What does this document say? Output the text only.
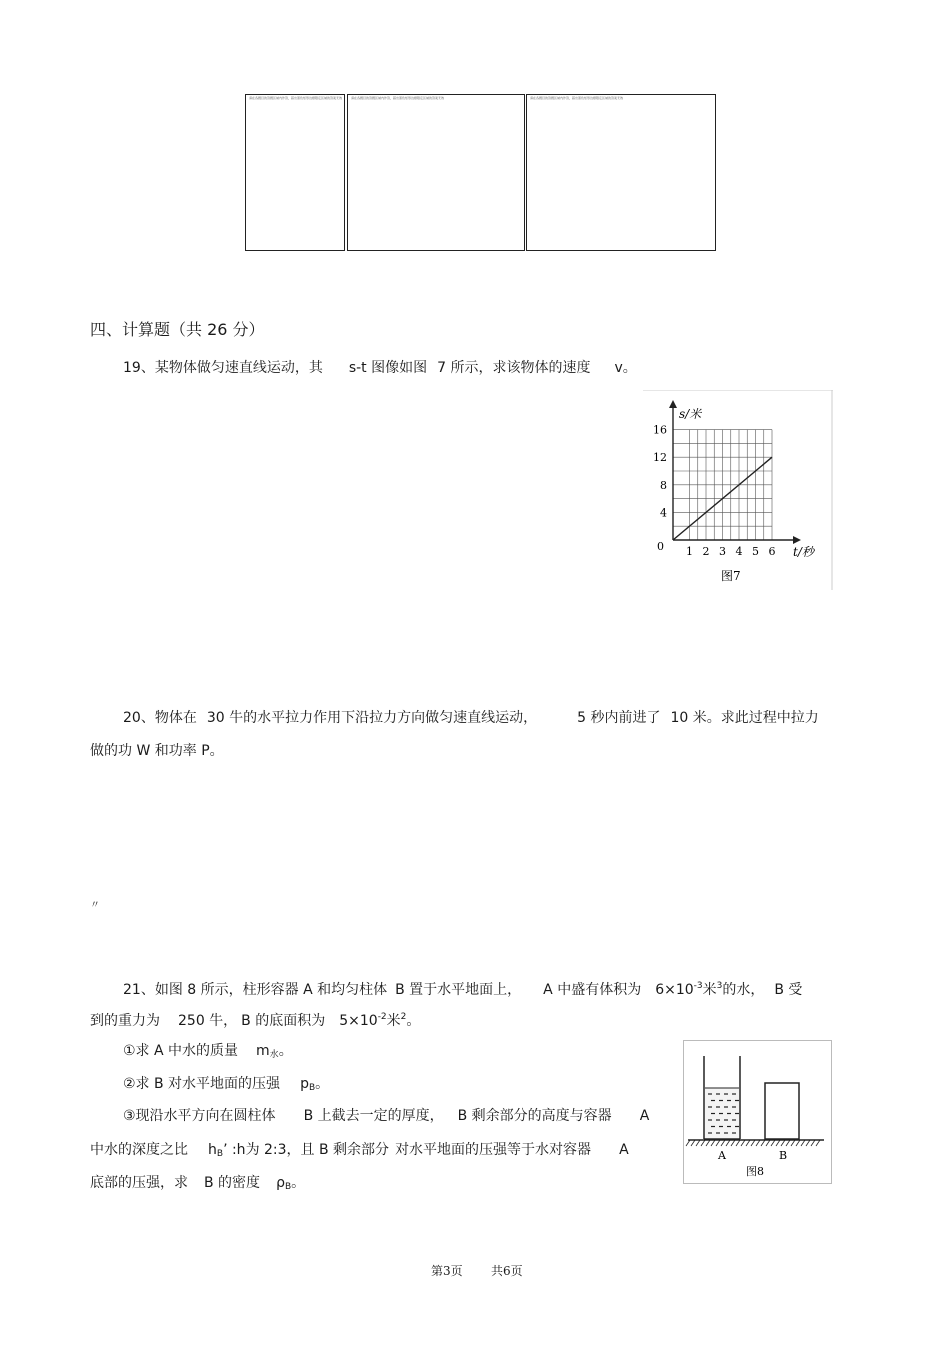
请在各题目的答题区域内作答，超出黑色矩形边框限定区域的答案无效	请在各题目的答题区域内作答，超出黑色矩形边框限定区域的答案无效	请在各题目的答题区域内作答，超出黑色矩形边框限定区域的答案无效
四、计算题（共 26 分）
19、某物体做匀速直线运动，其 s-t 图像如图 7 所示，求该物体的速度 v。
4
8
12
16
1 2 3 4 5 6
0
s/米
t/秒
图7
20、物体在 30 牛的水平拉力作用下沿拉力方向做匀速直线运动，	5 秒内前进了 10 米。求此过程中拉力
做的功 W 和功率 P。
〃
21、如图 8 所示，柱形容器 A 和均匀柱体 B 置于水平地面上， A 中盛有体积为 $6\times 10^{-3}$米$^3$的水， B 受
到的重力为 250 牛， B 的底面积为 $5\times 10^{-2}$米$^2$。
①求 A 中水的质量 $m_水$。
②求 B 对水平地面的压强 $p_B$。
③现沿水平方向在圆柱体 B 上截去一定的厚度， B 剩余部分的高度与容器 A
中水的深度之比 $h_B$’ :h为 2:3，且 B 剩余部分 对水平地面的压强等于水对容器 A
底部的压强，求 B 的密度 $\rho_B$。
A	B
图8
第3页 共6页
